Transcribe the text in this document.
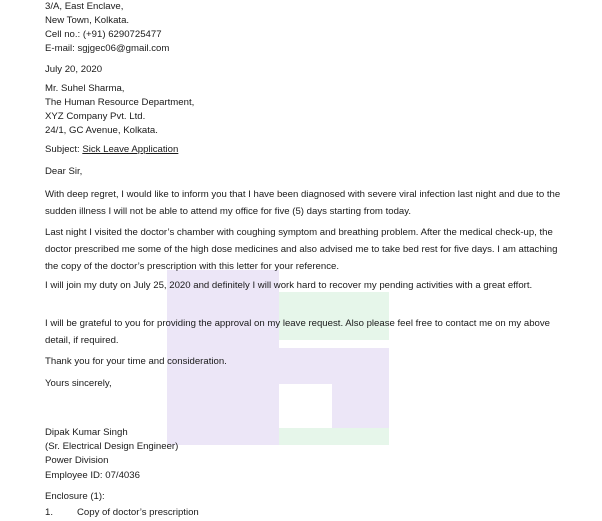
3/A, East Enclave,
New Town, Kolkata.
Cell no.: (+91) 6290725477
E-mail: sgjgec06@gmail.com
July 20, 2020
Mr. Suhel Sharma,
The Human Resource Department,
XYZ Company Pvt. Ltd.
24/1, GC Avenue, Kolkata.
Subject: Sick Leave Application
Dear Sir,
With deep regret, I would like to inform you that I have been diagnosed with severe viral infection last night and due to the sudden illness I will not be able to attend my office for five (5) days starting from today.
Last night I visited the doctor’s chamber with coughing symptom and breathing problem. After the medical check-up, the doctor prescribed me some of the high dose medicines and also advised me to take bed rest for five days. I am attaching the copy of the doctor’s prescription with this letter for your reference.
I will join my duty on July 25, 2020 and definitely I will work hard to recover my pending activities with a great effort.
I will be grateful to you for providing the approval on my leave request. Also please feel free to contact me on my above detail, if required.
Thank you for your time and consideration.
Yours sincerely,
Dipak Kumar Singh
(Sr. Electrical Design Engineer)
Power Division
Employee ID: 07/4036
Enclosure (1):
1. Copy of doctor’s prescription
